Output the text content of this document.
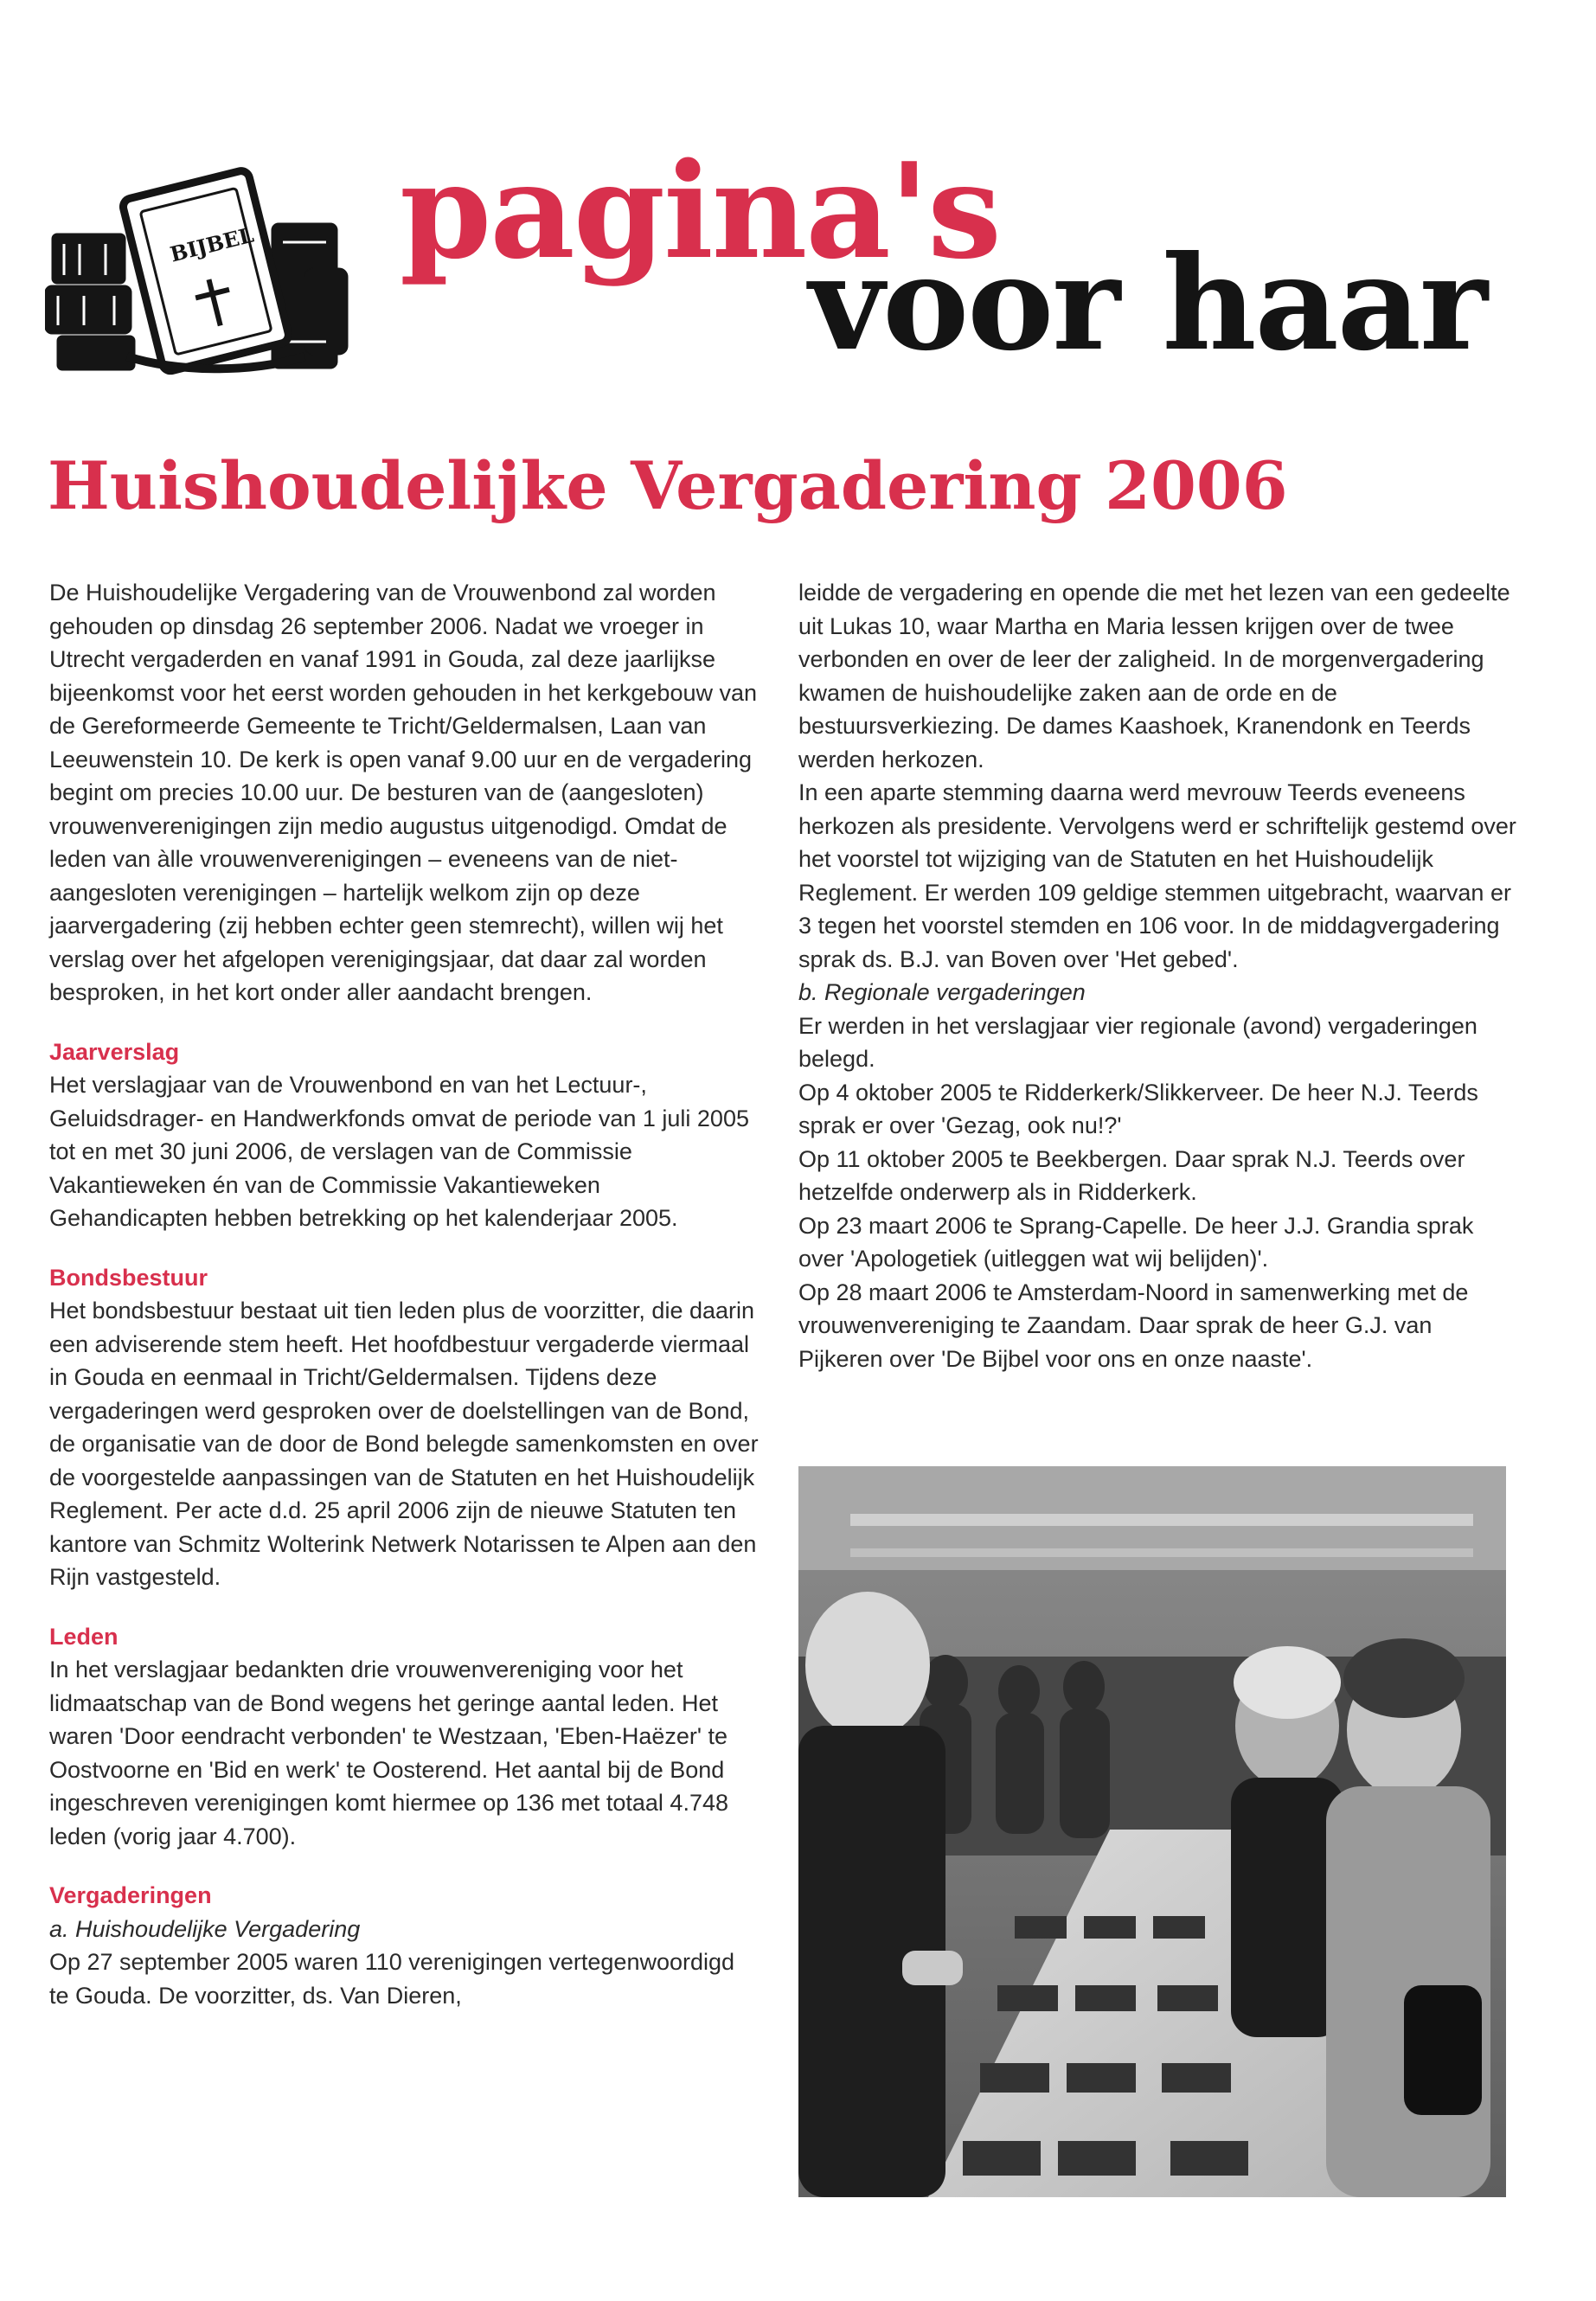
BIJBEL pagina's
voor haar
Huishoudelijke Vergadering 2006

De Huishoudelijke Vergadering van de Vrouwenbond zal worden gehouden op dinsdag 26 september 2006. Nadat we vroeger in Utrecht vergaderden en vanaf 1991 in Gouda, zal deze jaarlijkse bijeenkomst voor het eerst worden gehouden in het kerkgebouw van de Gereformeerde Gemeente te Tricht/Geldermalsen, Laan van Leeuwenstein 10. De kerk is open vanaf 9.00 uur en de vergadering begint om precies 10.00 uur. De besturen van de (aangesloten) vrouwenverenigingen zijn medio augustus uitgenodigd. Omdat de leden van àlle vrouwenverenigingen – eveneens van de niet-aangesloten verenigingen – hartelijk welkom zijn op deze jaarvergadering (zij hebben echter geen stemrecht), willen wij het verslag over het afgelopen verenigingsjaar, dat daar zal worden besproken, in het kort onder aller aandacht brengen.

Jaarverslag

Het verslagjaar van de Vrouwenbond en van het Lectuur-, Geluidsdrager- en Handwerkfonds omvat de periode van 1 juli 2005 tot en met 30 juni 2006, de verslagen van de Commissie Vakantieweken én van de Commissie Vakantieweken Gehandicapten hebben betrekking op het kalenderjaar 2005.

Bondsbestuur

Het bondsbestuur bestaat uit tien leden plus de voorzitter, die daarin een adviserende stem heeft. Het hoofdbestuur vergaderde viermaal in Gouda en eenmaal in Tricht/Geldermalsen. Tijdens deze vergaderingen werd gesproken over de doelstellingen van de Bond, de organisatie van de door de Bond belegde samenkomsten en over de voorgestelde aanpassingen van de Statuten en het Huishoudelijk Reglement. Per acte d.d. 25 april 2006 zijn de nieuwe Statuten ten kantore van Schmitz Wolterink Netwerk Notarissen te Alpen aan den Rijn vastgesteld.

Leden

In het verslagjaar bedankten drie vrouwenvereniging voor het lidmaatschap van de Bond wegens het geringe aantal leden. Het waren 'Door eendracht verbonden' te Westzaan, 'Eben-Haëzer' te Oostvoorne en 'Bid en werk' te Oosterend. Het aantal bij de Bond ingeschreven verenigingen komt hiermee op 136 met totaal 4.748 leden (vorig jaar 4.700).

Vergaderingen

a. Huishoudelijke Vergadering

Op 27 september 2005 waren 110 verenigingen vertegenwoordigd te Gouda. De voorzitter, ds. Van Dieren,

leidde de vergadering en opende die met het lezen van een gedeelte uit Lukas 10, waar Martha en Maria lessen krijgen over de twee verbonden en over de leer der zaligheid. In de morgenvergadering kwamen de huishoudelijke zaken aan de orde en de bestuursverkiezing. De dames Kaashoek, Kranendonk en Teerds werden herkozen.

In een aparte stemming daarna werd mevrouw Teerds eveneens herkozen als presidente. Vervolgens werd er schriftelijk gestemd over het voorstel tot wijziging van de Statuten en het Huishoudelijk Reglement. Er werden 109 geldige stemmen uitgebracht, waarvan er 3 tegen het voorstel stemden en 106 voor. In de middagvergadering sprak ds. B.J. van Boven over 'Het gebed'.

b. Regionale vergaderingen

Er werden in het verslagjaar vier regionale (avond) vergaderingen belegd.

Op 4 oktober 2005 te Ridderkerk/Slikkerveer. De heer N.J. Teerds sprak er over 'Gezag, ook nu!?'

Op 11 oktober 2005 te Beekbergen. Daar sprak N.J. Teerds over hetzelfde onderwerp als in Ridderkerk.

Op 23 maart 2006 te Sprang-Capelle. De heer J.J. Grandia sprak over 'Apologetiek (uitleggen wat wij belijden)'.

Op 28 maart 2006 te Amsterdam-Noord in samenwerking met de vrouwenvereniging te Zaandam. Daar sprak de heer G.J. van Pijkeren over 'De Bijbel voor ons en onze naaste'.
